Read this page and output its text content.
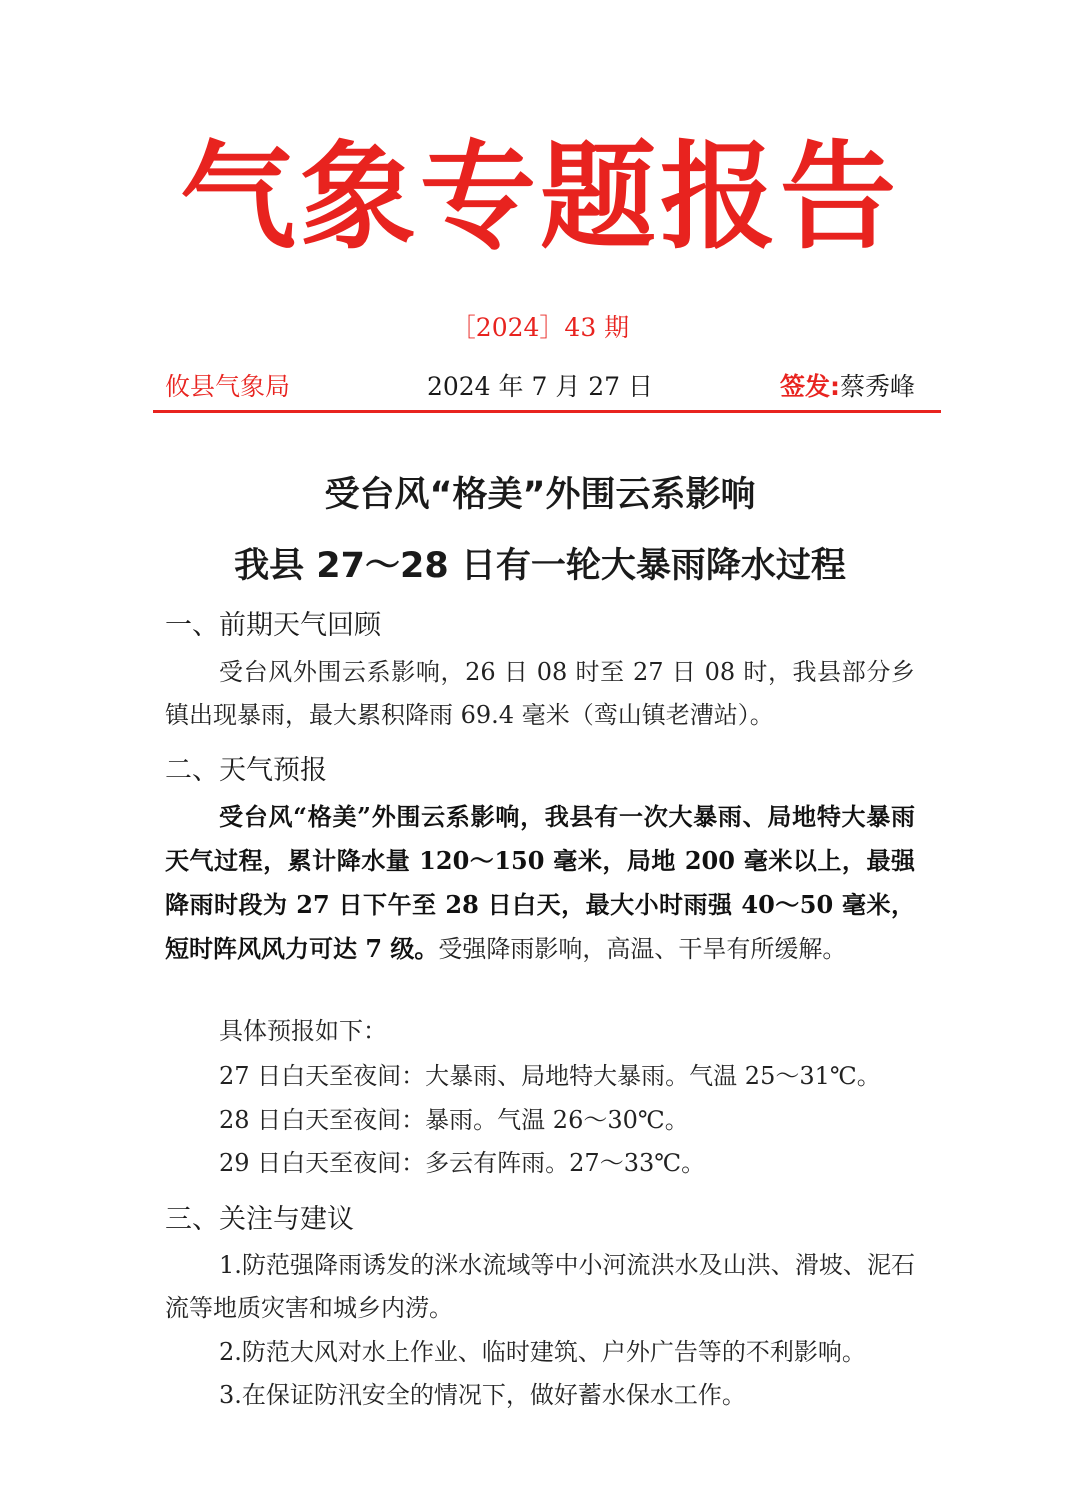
气象专题报告
［2024］43 期
攸县气象局	2024 年 7 月 27 日	签发:蔡秀峰
受台风“格美”外围云系影响
我县 27～28 日有一轮大暴雨降水过程
一、前期天气回顾
受台风外围云系影响，26 日 08 时至 27 日 08 时，我县部分乡镇出现暴雨，最大累积降雨 69.4 毫米（鸾山镇老漕站）。
二、天气预报
受台风“格美”外围云系影响，我县有一次大暴雨、局地特大暴雨天气过程，累计降水量 120～150 毫米，局地 200 毫米以上，最强降雨时段为 27 日下午至 28 日白天，最大小时雨强 40～50 毫米，短时阵风风力可达 7 级。受强降雨影响，高温、干旱有所缓解。
具体预报如下：
27 日白天至夜间：大暴雨、局地特大暴雨。气温 25～31℃。
28 日白天至夜间：暴雨。气温 26～30℃。
29 日白天至夜间：多云有阵雨。27～33℃。
三、关注与建议
1.防范强降雨诱发的洣水流域等中小河流洪水及山洪、滑坡、泥石流等地质灾害和城乡内涝。
2.防范大风对水上作业、临时建筑、户外广告等的不利影响。
3.在保证防汛安全的情况下，做好蓄水保水工作。
